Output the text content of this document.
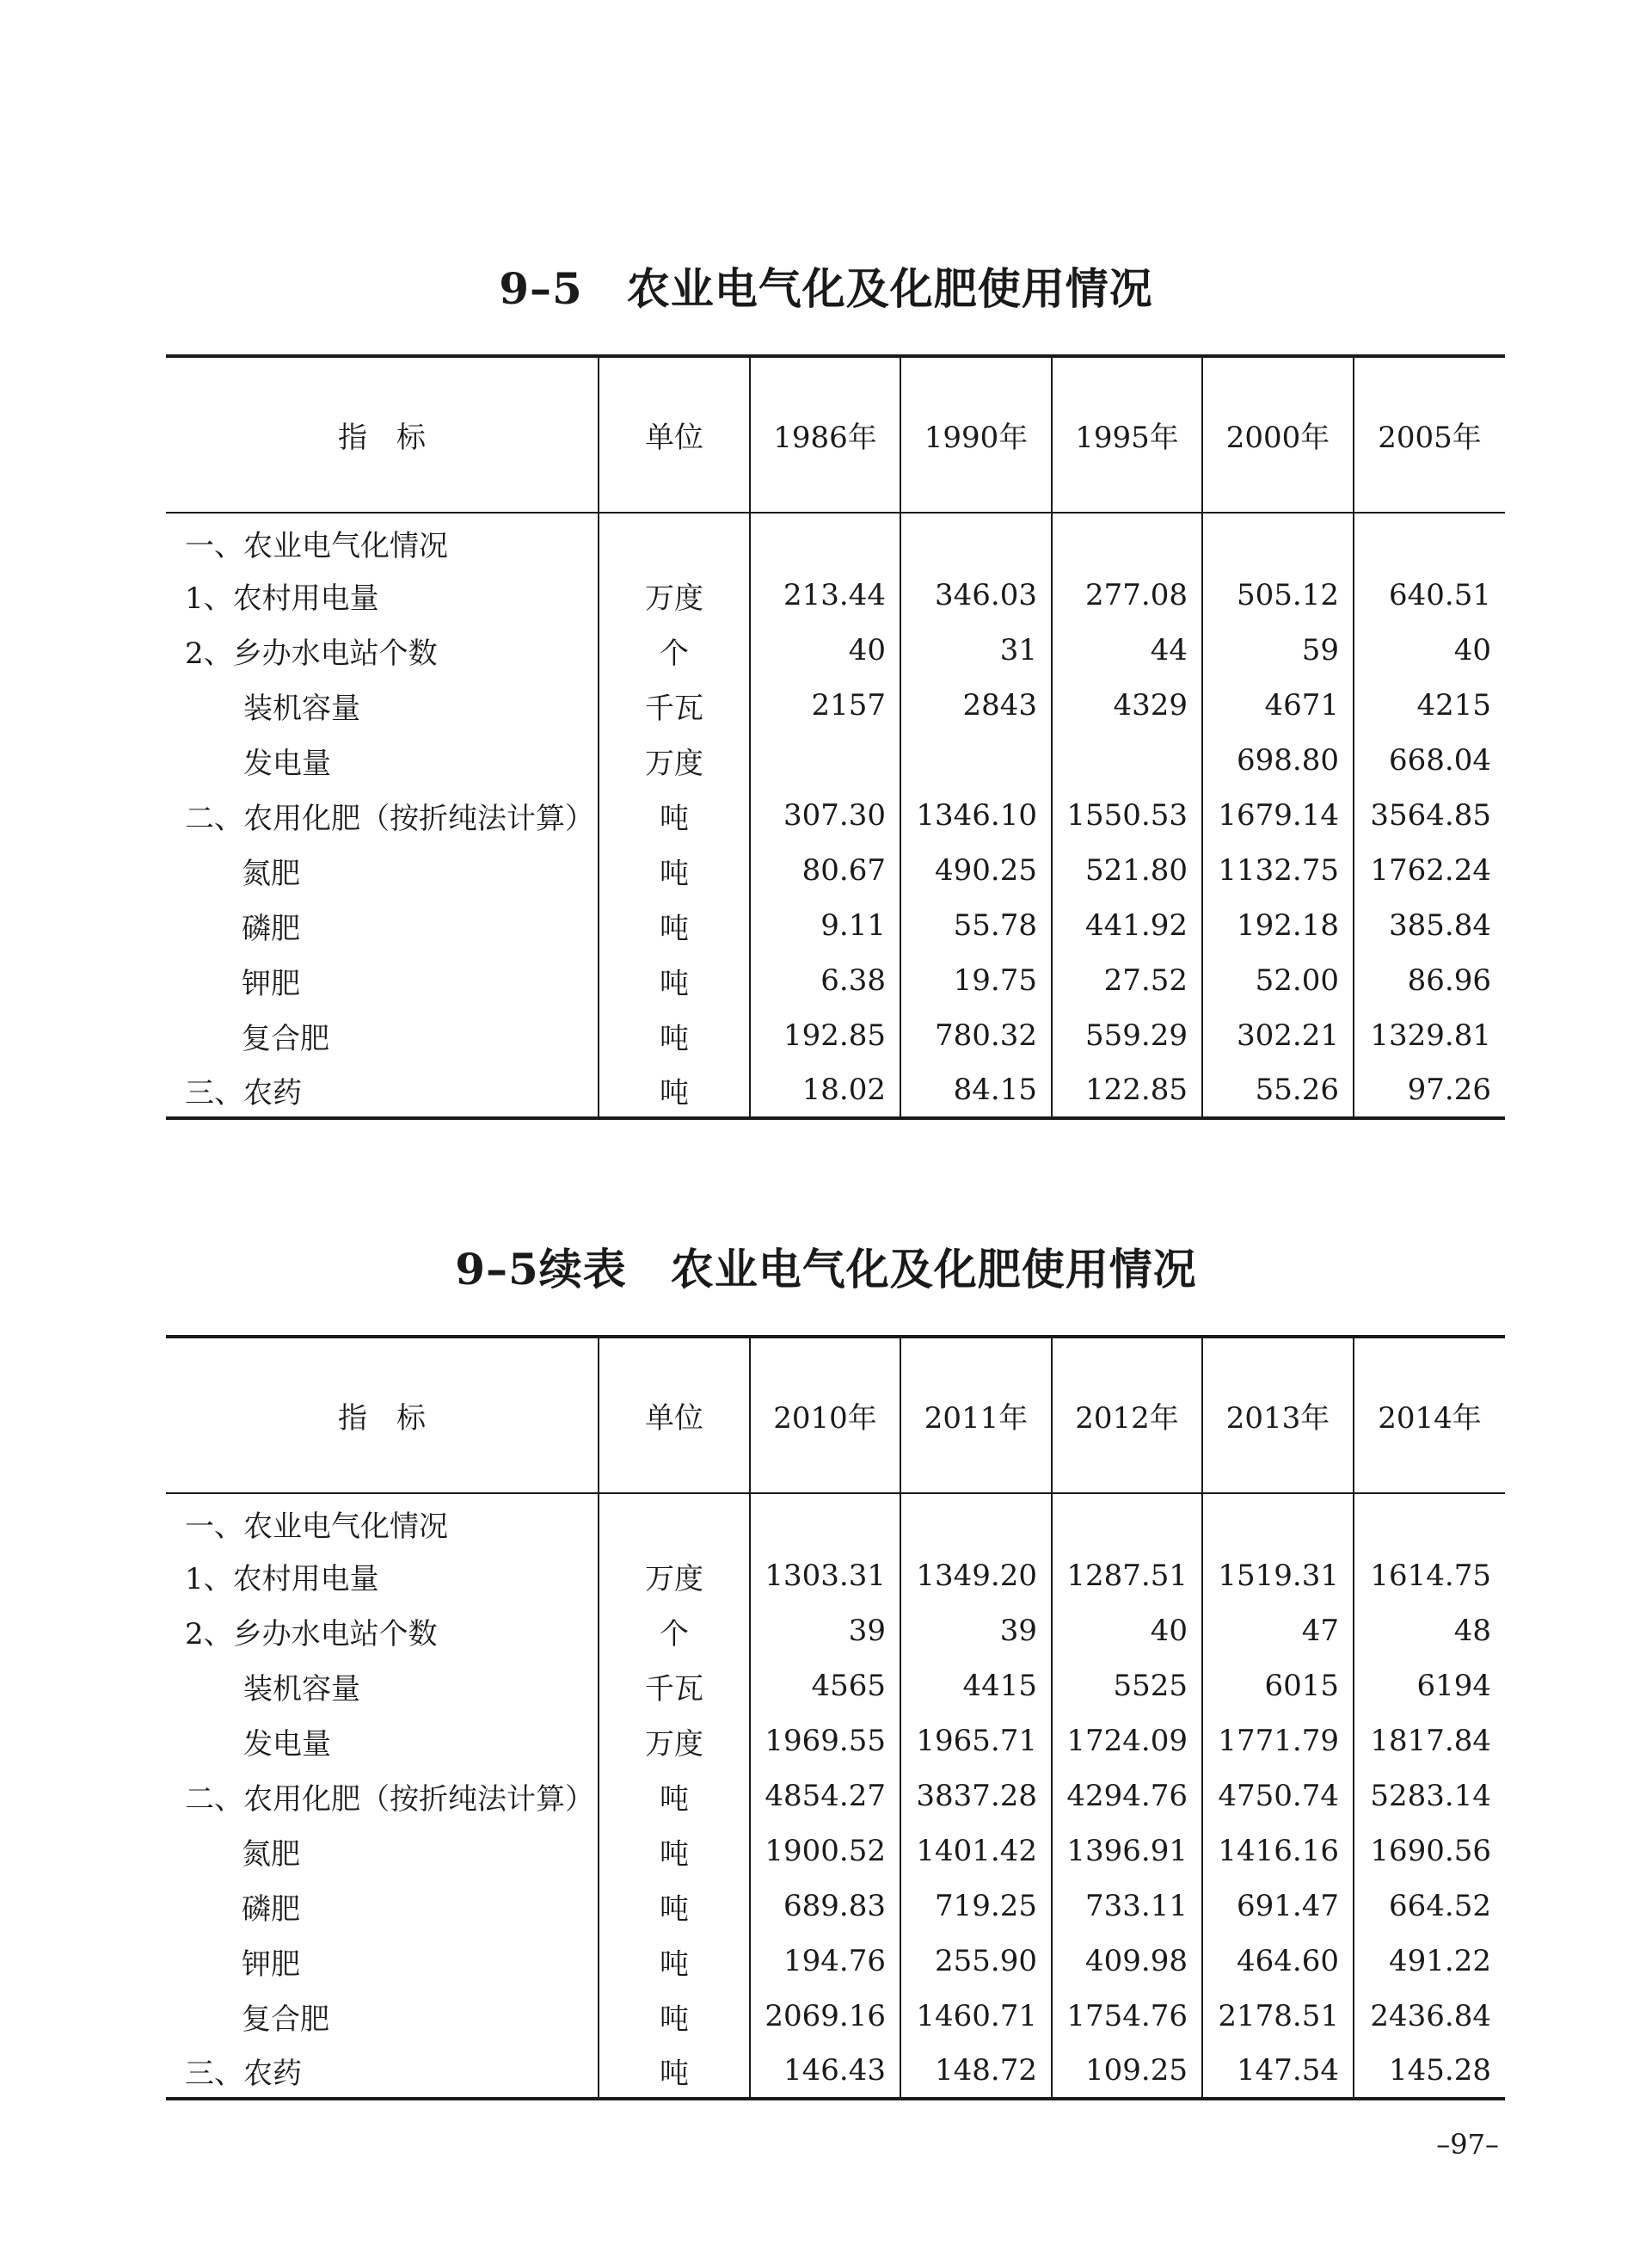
9–5　农业电气化及化肥使用情况
指　标	单位	1986年	1990年	1995年	2000年	2005年
一、农业电气化情况						
1、农村用电量	万度	213.44	346.03	277.08	505.12	640.51
2、乡办水电站个数	个	40	31	44	59	40
装机容量	千瓦	2157	2843	4329	4671	4215
发电量	万度				698.80	668.04
二、农用化肥（按折纯法计算）	吨	307.30	1346.10	1550.53	1679.14	3564.85
氮肥	吨	80.67	490.25	521.80	1132.75	1762.24
磷肥	吨	9.11	55.78	441.92	192.18	385.84
钾肥	吨	6.38	19.75	27.52	52.00	86.96
复合肥	吨	192.85	780.32	559.29	302.21	1329.81
三、农药	吨	18.02	84.15	122.85	55.26	97.26
9–5续表　农业电气化及化肥使用情况
指　标	单位	2010年	2011年	2012年	2013年	2014年
一、农业电气化情况						
1、农村用电量	万度	1303.31	1349.20	1287.51	1519.31	1614.75
2、乡办水电站个数	个	39	39	40	47	48
装机容量	千瓦	4565	4415	5525	6015	6194
发电量	万度	1969.55	1965.71	1724.09	1771.79	1817.84
二、农用化肥（按折纯法计算）	吨	4854.27	3837.28	4294.76	4750.74	5283.14
氮肥	吨	1900.52	1401.42	1396.91	1416.16	1690.56
磷肥	吨	689.83	719.25	733.11	691.47	664.52
钾肥	吨	194.76	255.90	409.98	464.60	491.22
复合肥	吨	2069.16	1460.71	1754.76	2178.51	2436.84
三、农药	吨	146.43	148.72	109.25	147.54	145.28
–97–
